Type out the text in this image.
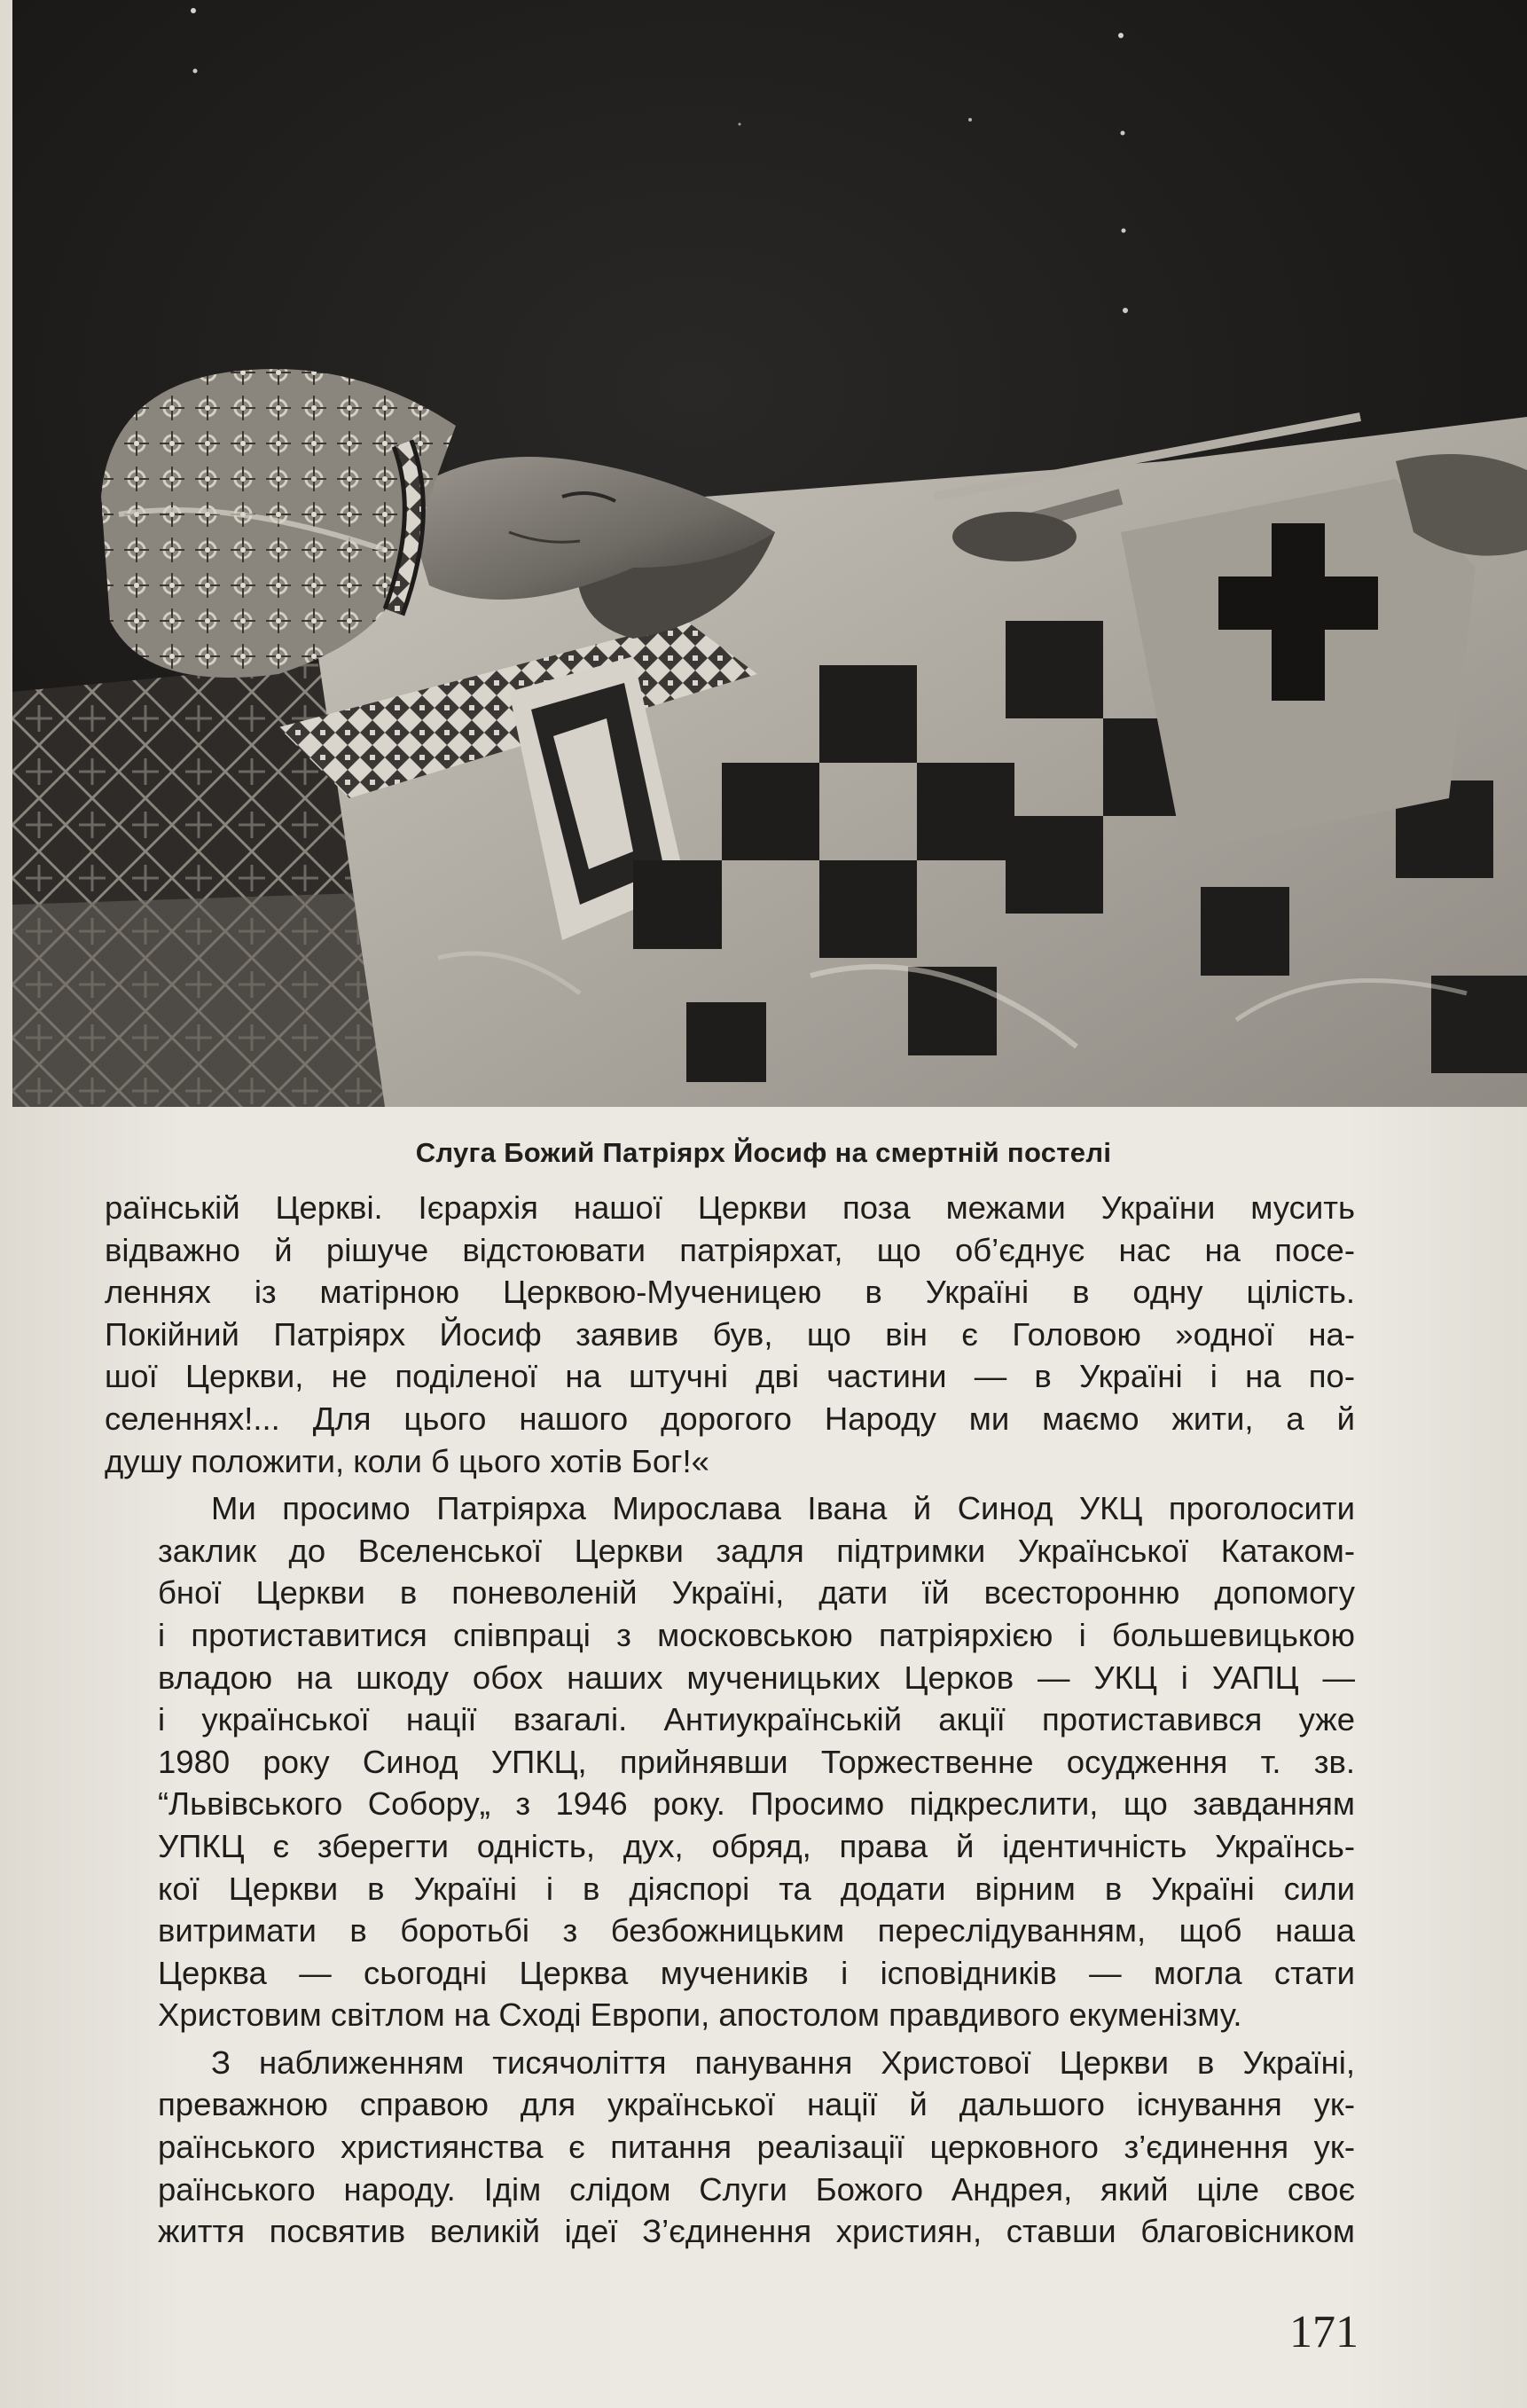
Слуга Божий Патріярх Йосиф на смертній постелі

раїнській Церкві. Ієрархія нашої Церкви поза межами України мусить
відважно й рішуче відстоювати патріярхат, що об’єднує нас на посе-
леннях із матірною Церквою-Мученицею в Україні в одну цілість.
Покійний Патріярх Йосиф заявив був, що він є Головою »одної на-
шої Церкви, не поділеної на штучні дві частини — в Україні і на по-
селеннях!... Для цього нашого дорогого Народу ми маємо жити, а й
душу положити, коли б цього хотів Бог!«

Ми просимо Патріярха Мирослава Івана й Синод УКЦ проголосити
заклик до Вселенської Церкви задля підтримки Української Катаком-
бної Церкви в поневоленій Україні, дати їй всесторонню допомогу
і протиставитися співпраці з московською патріярхією і большевицькою
владою на шкоду обох наших мученицьких Церков — УКЦ і УАПЦ —
і української нації взагалі. Антиукраїнській акції протиставився уже
1980 року Синод УПКЦ, прийнявши Торжественне осудження т. зв.
“Львівського Собору„ з 1946 року. Просимо підкреслити, що завданням
УПКЦ є зберегти одність, дух, обряд, права й ідентичність Українсь-
кої Церкви в Україні і в діяспорі та додати вірним в Україні сили
витримати в боротьбі з безбожницьким переслідуванням, щоб наша
Церква — сьогодні Церква мучеників і ісповідників — могла стати
Христовим світлом на Сході Европи, апостолом правдивого екуменізму.

З наближенням тисячоліття панування Христової Церкви в Україні,
преважною справою для української нації й дальшого існування ук-
раїнського християнства є питання реалізації церковного з’єдинення ук-
раїнського народу. Ідім слідом Слуги Божого Андрея, який ціле своє
життя посвятив великій ідеї З’єдинення християн, ставши благовісником

171
